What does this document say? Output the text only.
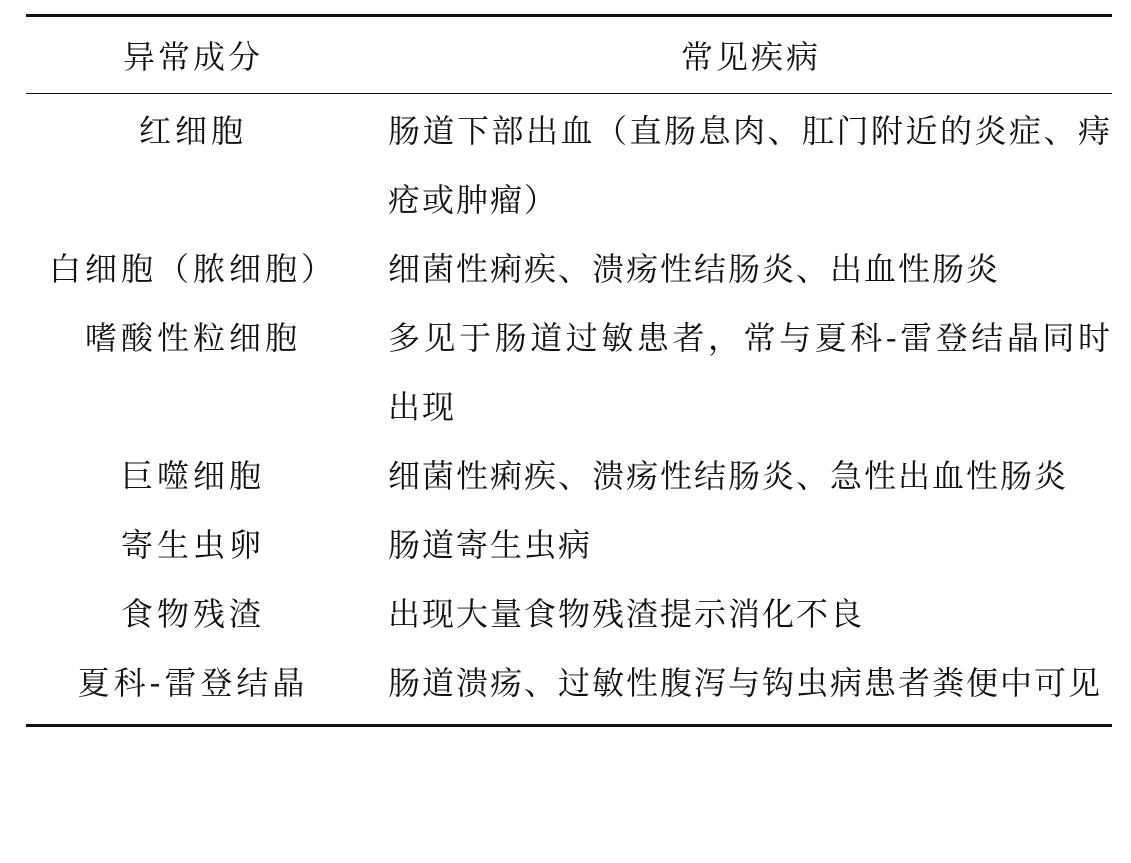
异常成分	常见疾病
红细胞	肠道下部出血（直肠息肉、肛门附近的炎症、痔疮或肿瘤）
白细胞（脓细胞）	细菌性痢疾、溃疡性结肠炎、出血性肠炎
嗜酸性粒细胞	多见于肠道过敏患者，常与夏科-雷登结晶同时出现
巨噬细胞	细菌性痢疾、溃疡性结肠炎、急性出血性肠炎
寄生虫卵	肠道寄生虫病
食物残渣	出现大量食物残渣提示消化不良
夏科-雷登结晶	肠道溃疡、过敏性腹泻与钩虫病患者粪便中可见
